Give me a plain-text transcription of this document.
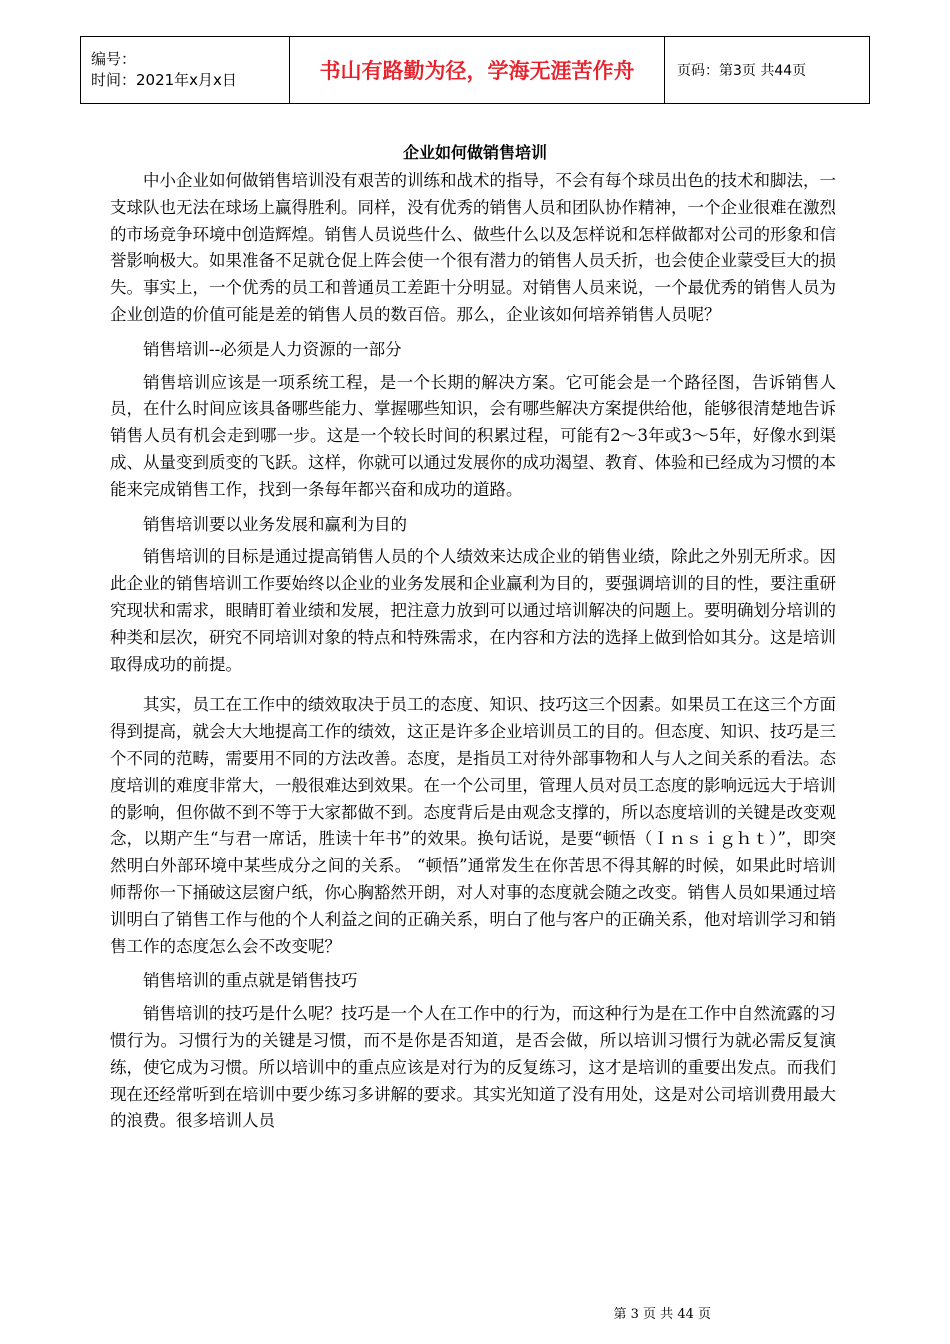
编号：
时间：2021年x月x日	书山有路勤为径，学海无涯苦作舟	页码：第3页 共44页
企业如何做销售培训

中小企业如何做销售培训没有艰苦的训练和战术的指导，不会有每个球员出色的技术和脚法，一支球队也无法在球场上赢得胜利。同样，没有优秀的销售人员和团队协作精神，一个企业很难在激烈的市场竞争环境中创造辉煌。销售人员说些什么、做些什么以及怎样说和怎样做都对公司的形象和信誉影响极大。如果准备不足就仓促上阵会使一个很有潜力的销售人员夭折，也会使企业蒙受巨大的损失。事实上，一个优秀的员工和普通员工差距十分明显。对销售人员来说，一个最优秀的销售人员为企业创造的价值可能是差的销售人员的数百倍。那么，企业该如何培养销售人员呢？

销售培训--必须是人力资源的一部分

销售培训应该是一项系统工程，是一个长期的解决方案。它可能会是一个路径图，告诉销售人员，在什么时间应该具备哪些能力、掌握哪些知识，会有哪些解决方案提供给他，能够很清楚地告诉销售人员有机会走到哪一步。这是一个较长时间的积累过程，可能有2～3年或3～5年，好像水到渠成、从量变到质变的飞跃。这样，你就可以通过发展你的成功渴望、教育、体验和已经成为习惯的本能来完成销售工作，找到一条每年都兴奋和成功的道路。

销售培训要以业务发展和赢利为目的

销售培训的目标是通过提高销售人员的个人绩效来达成企业的销售业绩，除此之外别无所求。因此企业的销售培训工作要始终以企业的业务发展和企业赢利为目的，要强调培训的目的性，要注重研究现状和需求，眼睛盯着业绩和发展，把注意力放到可以通过培训解决的问题上。要明确划分培训的种类和层次，研究不同培训对象的特点和特殊需求，在内容和方法的选择上做到恰如其分。这是培训取得成功的前提。

其实，员工在工作中的绩效取决于员工的态度、知识、技巧这三个因素。如果员工在这三个方面得到提高，就会大大地提高工作的绩效，这正是许多企业培训员工的目的。但态度、知识、技巧是三个不同的范畴，需要用不同的方法改善。态度，是指员工对待外部事物和人与人之间关系的看法。态度培训的难度非常大，一般很难达到效果。在一个公司里，管理人员对员工态度的影响远远大于培训的影响，但你做不到不等于大家都做不到。态度背后是由观念支撑的，所以态度培训的关键是改变观念，以期产生“与君一席话，胜读十年书”的效果。换句话说，是要“顿悟（Ｉｎｓｉｇｈｔ）”，即突然明白外部环境中某些成分之间的关系。 “顿悟”通常发生在你苦思不得其解的时候，如果此时培训师帮你一下捅破这层窗户纸，你心胸豁然开朗，对人对事的态度就会随之改变。销售人员如果通过培训明白了销售工作与他的个人利益之间的正确关系，明白了他与客户的正确关系，他对培训学习和销售工作的态度怎么会不改变呢？

销售培训的重点就是销售技巧

销售培训的技巧是什么呢？技巧是一个人在工作中的行为，而这种行为是在工作中自然流露的习惯行为。习惯行为的关键是习惯，而不是你是否知道，是否会做，所以培训习惯行为就必需反复演练，使它成为习惯。所以培训中的重点应该是对行为的反复练习，这才是培训的重要出发点。而我们现在还经常听到在培训中要少练习多讲解的要求。其实光知道了没有用处，这是对公司培训费用最大的浪费。很多培训人员

第 3 页 共 44 页
